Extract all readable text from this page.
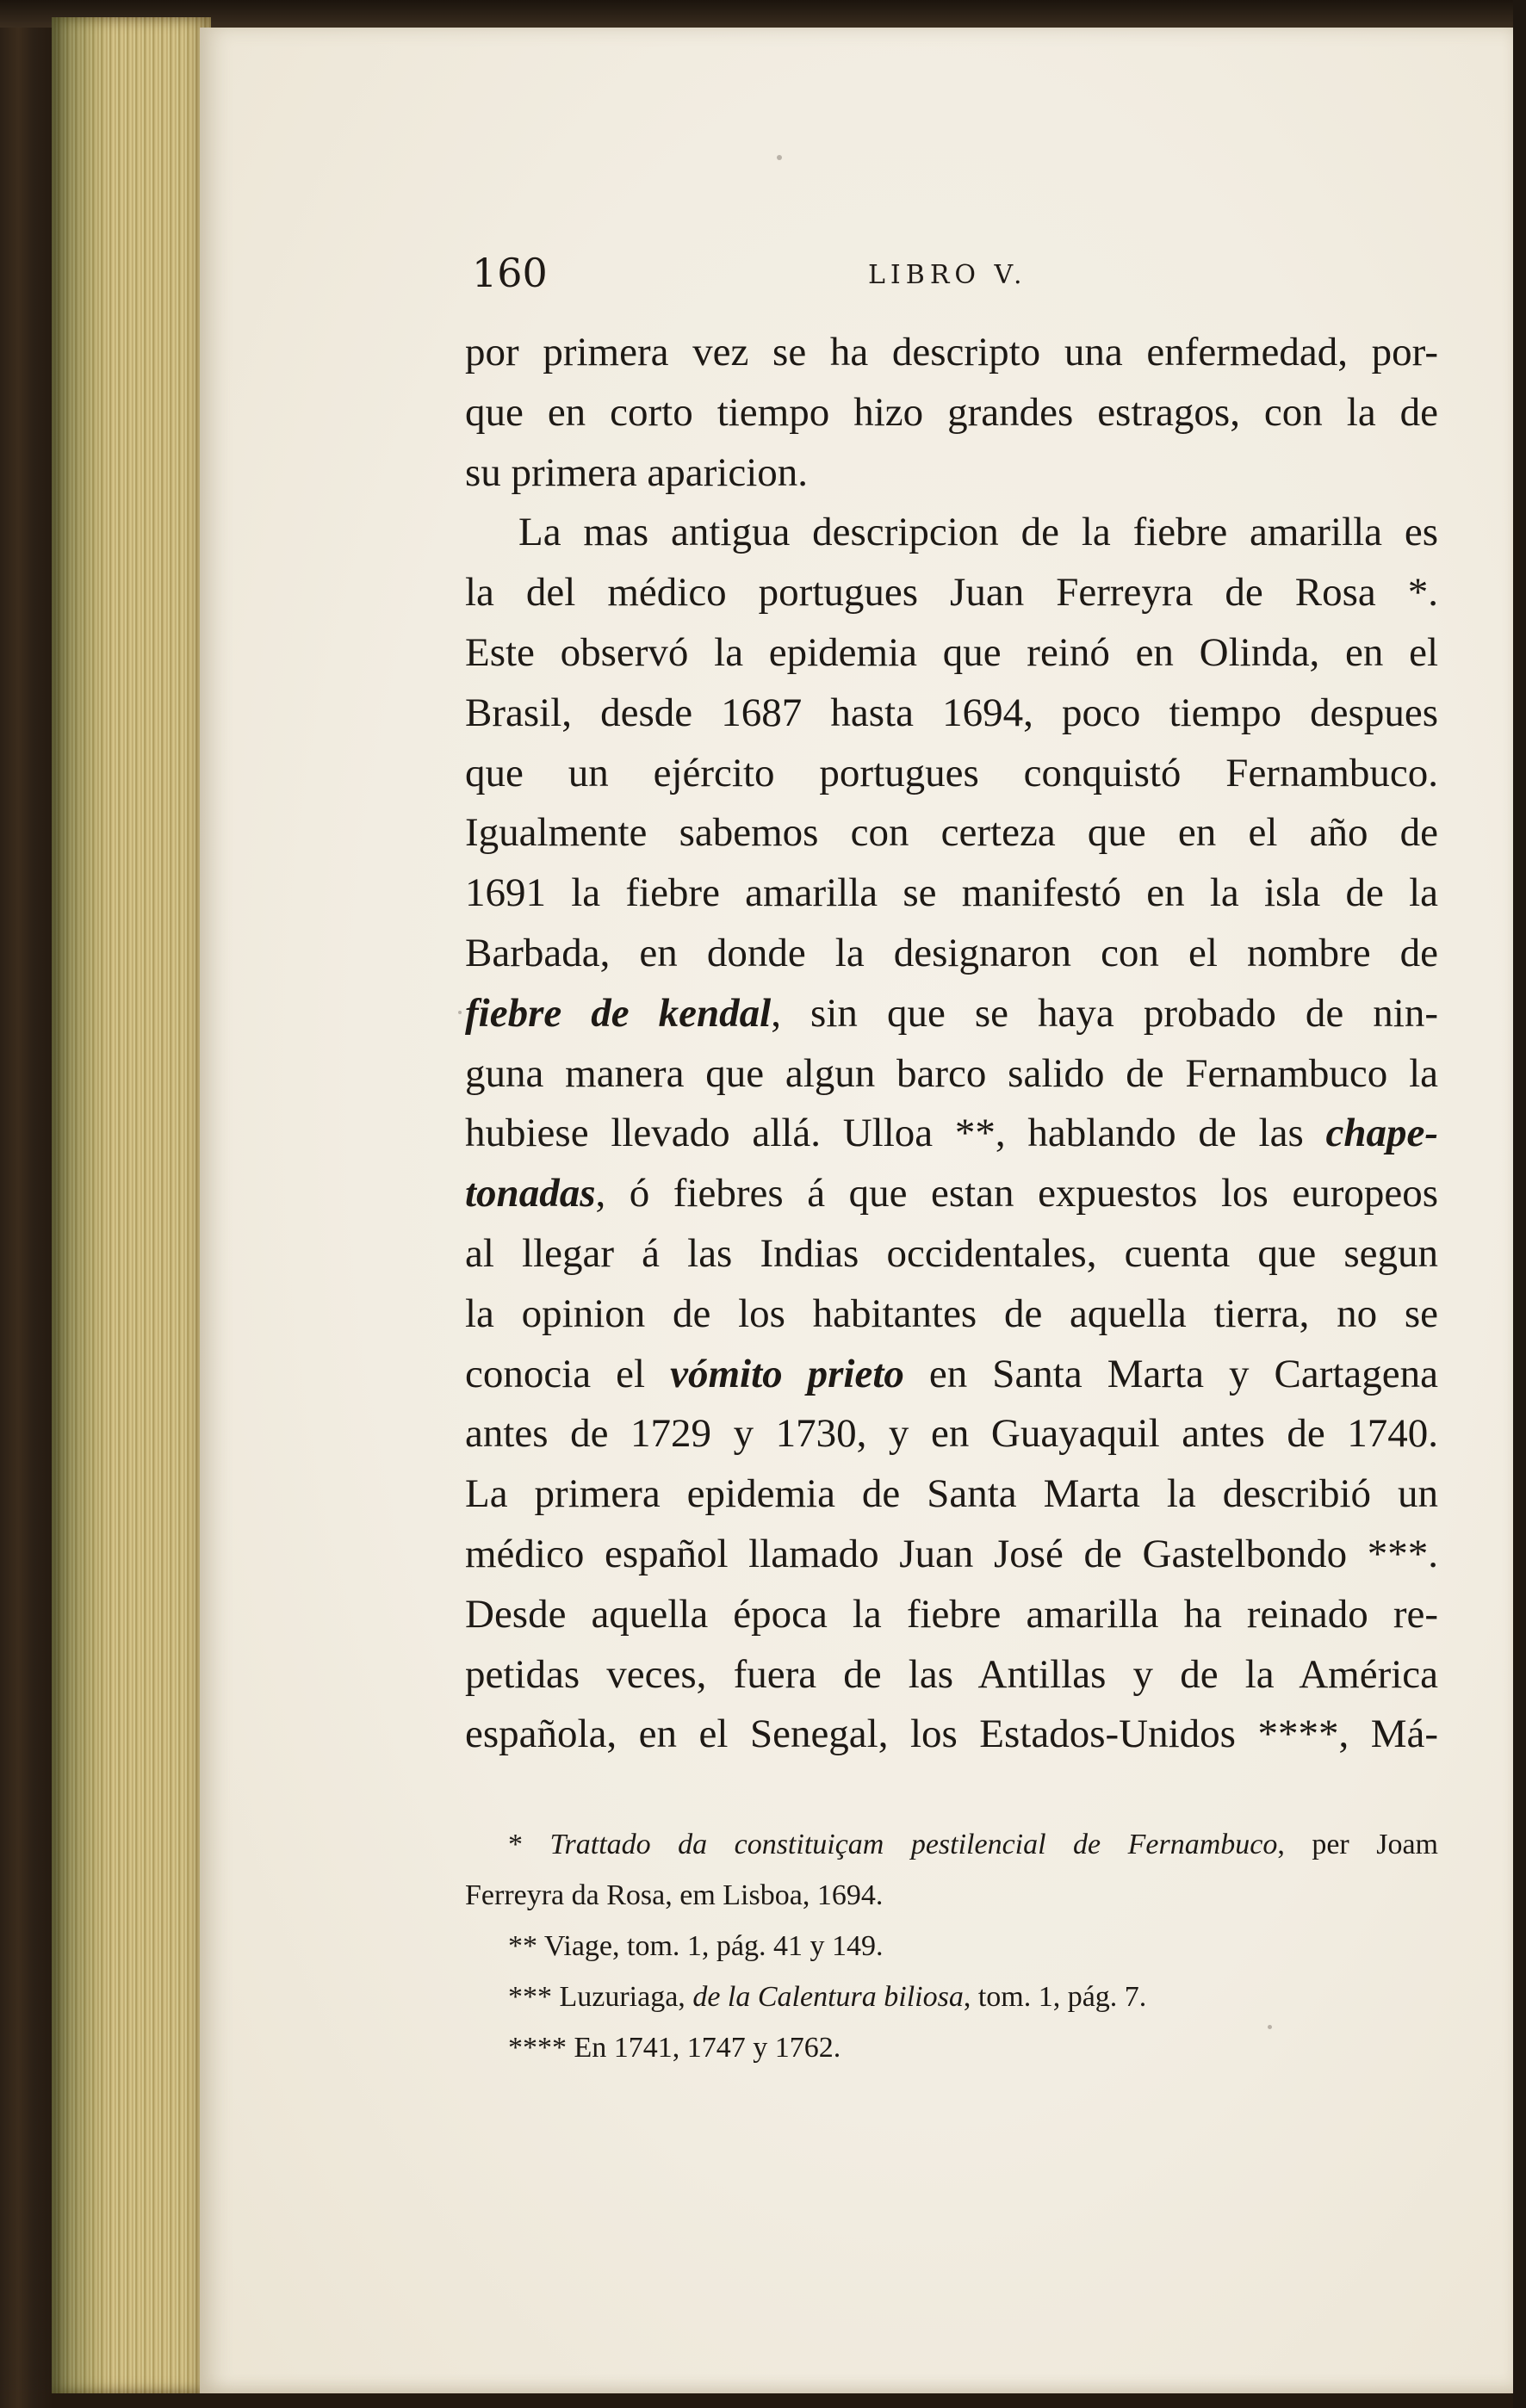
160	LIBRO V.
por primera vez se ha descripto una enfermedad, por-
que en corto tiempo hizo grandes estragos, con la de
su primera aparicion.
La mas antigua descripcion de la fiebre amarilla es
la del médico portugues Juan Ferreyra de Rosa *.
Este observó la epidemia que reinó en Olinda, en el
Brasil, desde 1687 hasta 1694, poco tiempo despues
que un ejército portugues conquistó Fernambuco.
Igualmente sabemos con certeza que en el año de
1691 la fiebre amarilla se manifestó en la isla de la
Barbada, en donde la designaron con el nombre de
fiebre de kendal, sin que se haya probado de nin-
guna manera que algun barco salido de Fernambuco la
hubiese llevado allá. Ulloa **, hablando de las chape-
tonadas, ó fiebres á que estan expuestos los europeos
al llegar á las Indias occidentales, cuenta que segun
la opinion de los habitantes de aquella tierra, no se
conocia el vómito prieto en Santa Marta y Cartagena
antes de 1729 y 1730, y en Guayaquil antes de 1740.
La primera epidemia de Santa Marta la describió un
médico español llamado Juan José de Gastelbondo ***.
Desde aquella época la fiebre amarilla ha reinado re-
petidas veces, fuera de las Antillas y de la América
española, en el Senegal, los Estados-Unidos ****, Má-
* Trattado da constituiçam pestilencial de Fernambuco, per Joam
Ferreyra da Rosa, em Lisboa, 1694.
** Viage, tom. 1, pág. 41 y 149.
*** Luzuriaga, de la Calentura biliosa, tom. 1, pág. 7.
**** En 1741, 1747 y 1762.
